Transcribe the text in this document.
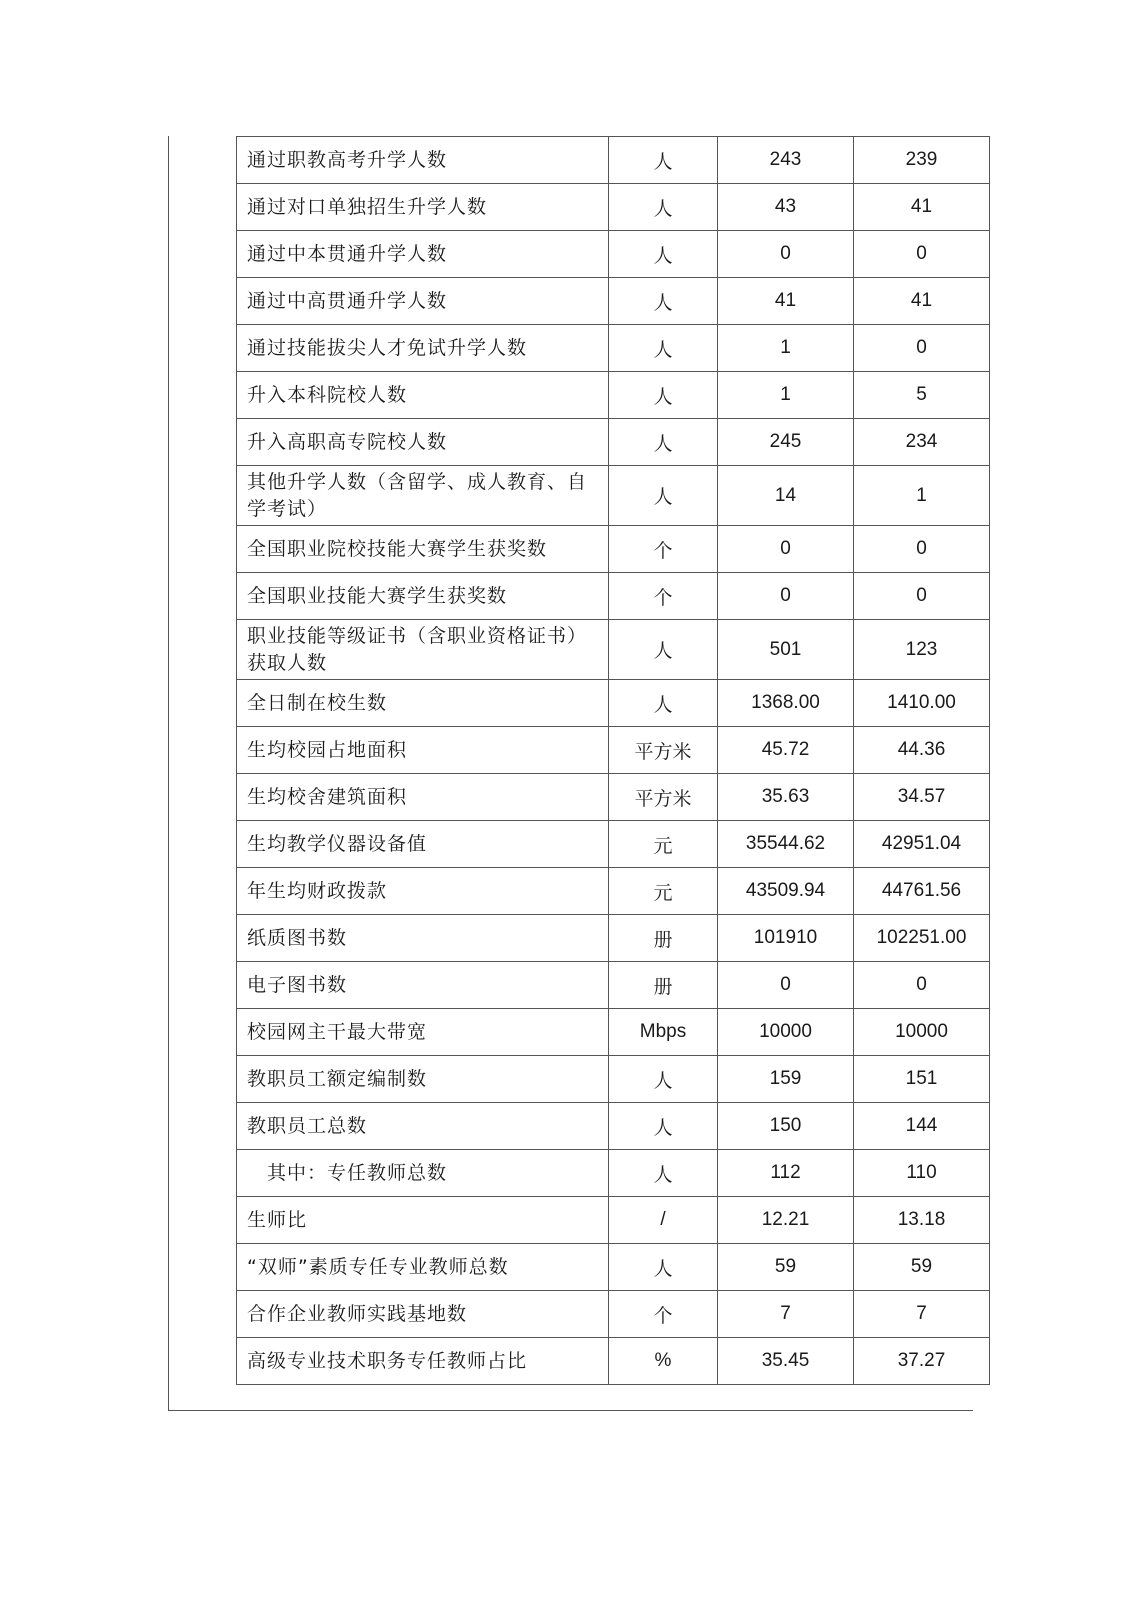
通过职教高考升学人数	人	243	239
通过对口单独招生升学人数	人	43	41
通过中本贯通升学人数	人	0	0
通过中高贯通升学人数	人	41	41
通过技能拔尖人才免试升学人数	人	1	0
升入本科院校人数	人	1	5
升入高职高专院校人数	人	245	234
其他升学人数（含留学、成人教育、自学考试）	人	14	1
全国职业院校技能大赛学生获奖数	个	0	0
全国职业技能大赛学生获奖数	个	0	0
职业技能等级证书（含职业资格证书）获取人数	人	501	123
全日制在校生数	人	1368.00	1410.00
生均校园占地面积	平方米	45.72	44.36
生均校舍建筑面积	平方米	35.63	34.57
生均教学仪器设备值	元	35544.62	42951.04
年生均财政拨款	元	43509.94	44761.56
纸质图书数	册	101910	102251.00
电子图书数	册	0	0
校园网主干最大带宽	Mbps	10000	10000
教职员工额定编制数	人	159	151
教职员工总数	人	150	144
其中：专任教师总数	人	112	110
生师比	/	12.21	13.18
“双师”素质专任专业教师总数	人	59	59
合作企业教师实践基地数	个	7	7
高级专业技术职务专任教师占比	%	35.45	37.27
